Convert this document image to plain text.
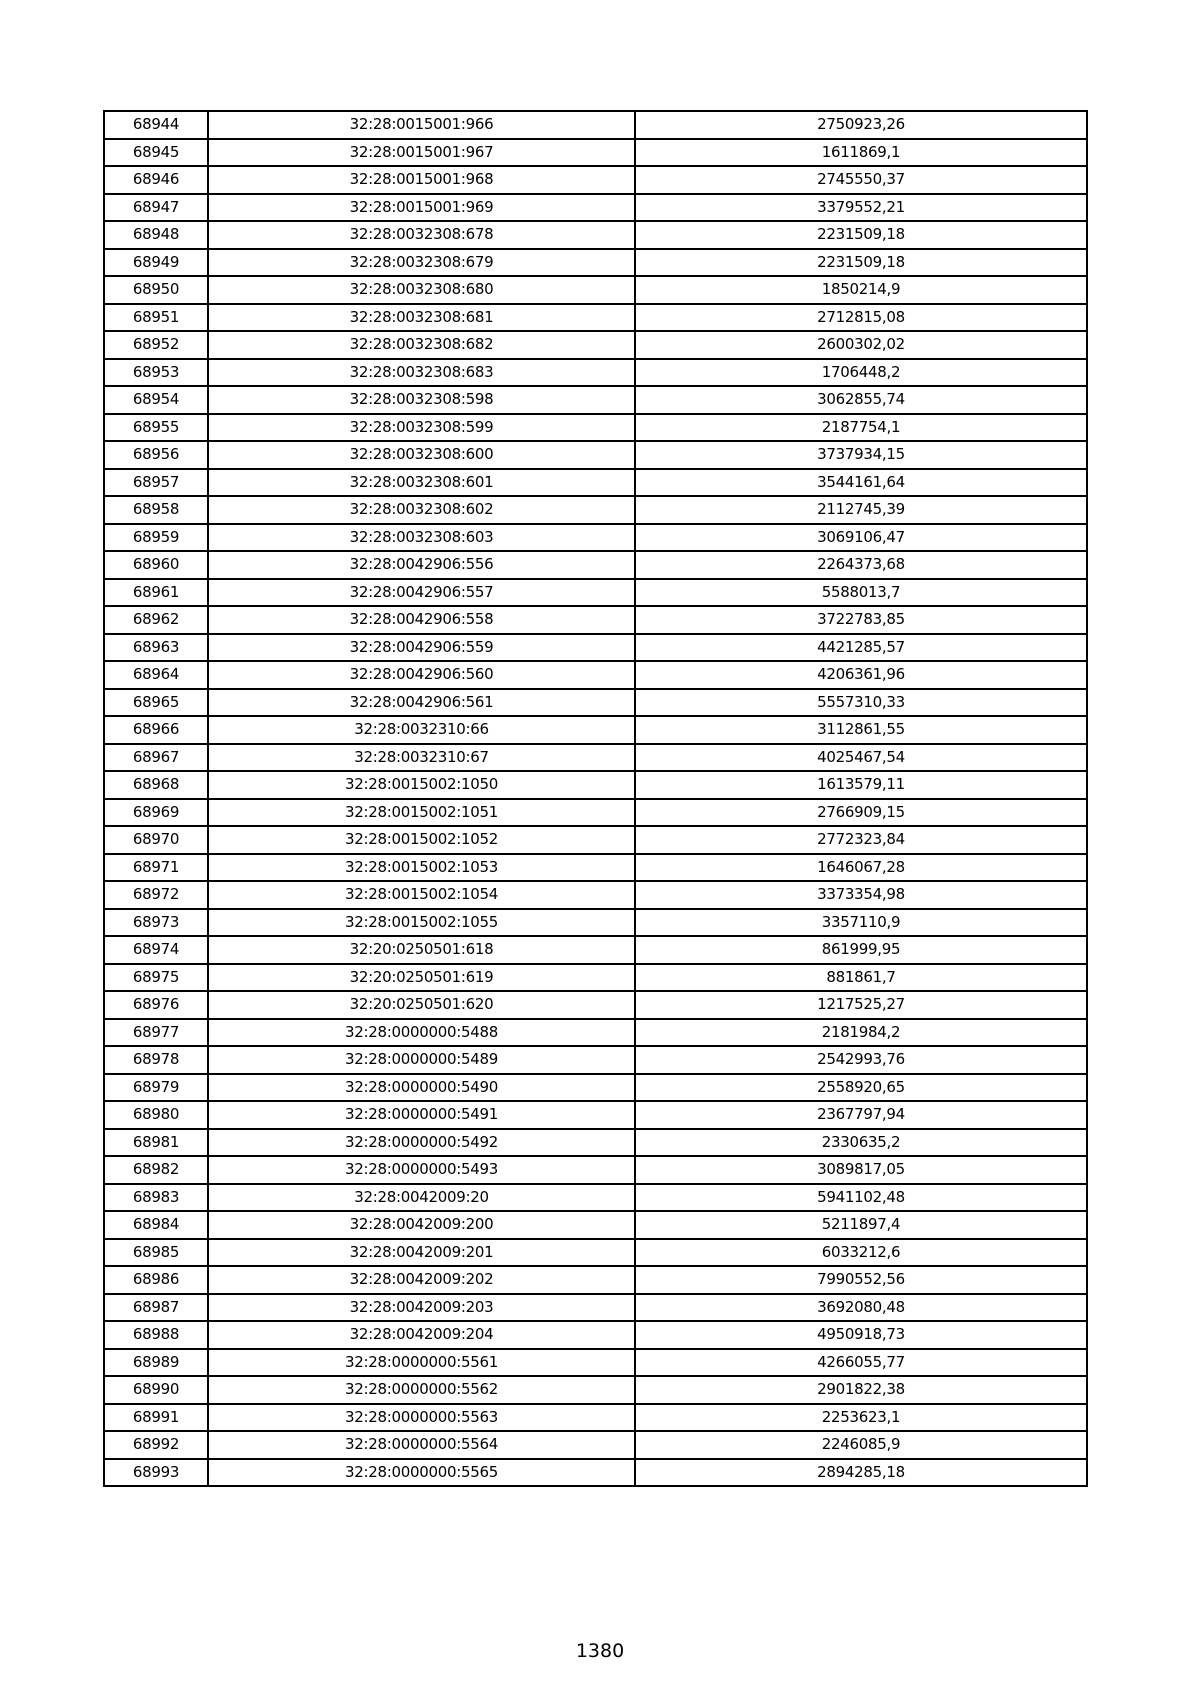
68944	32:28:0015001:966	2750923,26
68945	32:28:0015001:967	1611869,1
68946	32:28:0015001:968	2745550,37
68947	32:28:0015001:969	3379552,21
68948	32:28:0032308:678	2231509,18
68949	32:28:0032308:679	2231509,18
68950	32:28:0032308:680	1850214,9
68951	32:28:0032308:681	2712815,08
68952	32:28:0032308:682	2600302,02
68953	32:28:0032308:683	1706448,2
68954	32:28:0032308:598	3062855,74
68955	32:28:0032308:599	2187754,1
68956	32:28:0032308:600	3737934,15
68957	32:28:0032308:601	3544161,64
68958	32:28:0032308:602	2112745,39
68959	32:28:0032308:603	3069106,47
68960	32:28:0042906:556	2264373,68
68961	32:28:0042906:557	5588013,7
68962	32:28:0042906:558	3722783,85
68963	32:28:0042906:559	4421285,57
68964	32:28:0042906:560	4206361,96
68965	32:28:0042906:561	5557310,33
68966	32:28:0032310:66	3112861,55
68967	32:28:0032310:67	4025467,54
68968	32:28:0015002:1050	1613579,11
68969	32:28:0015002:1051	2766909,15
68970	32:28:0015002:1052	2772323,84
68971	32:28:0015002:1053	1646067,28
68972	32:28:0015002:1054	3373354,98
68973	32:28:0015002:1055	3357110,9
68974	32:20:0250501:618	861999,95
68975	32:20:0250501:619	881861,7
68976	32:20:0250501:620	1217525,27
68977	32:28:0000000:5488	2181984,2
68978	32:28:0000000:5489	2542993,76
68979	32:28:0000000:5490	2558920,65
68980	32:28:0000000:5491	2367797,94
68981	32:28:0000000:5492	2330635,2
68982	32:28:0000000:5493	3089817,05
68983	32:28:0042009:20	5941102,48
68984	32:28:0042009:200	5211897,4
68985	32:28:0042009:201	6033212,6
68986	32:28:0042009:202	7990552,56
68987	32:28:0042009:203	3692080,48
68988	32:28:0042009:204	4950918,73
68989	32:28:0000000:5561	4266055,77
68990	32:28:0000000:5562	2901822,38
68991	32:28:0000000:5563	2253623,1
68992	32:28:0000000:5564	2246085,9
68993	32:28:0000000:5565	2894285,18
1380
